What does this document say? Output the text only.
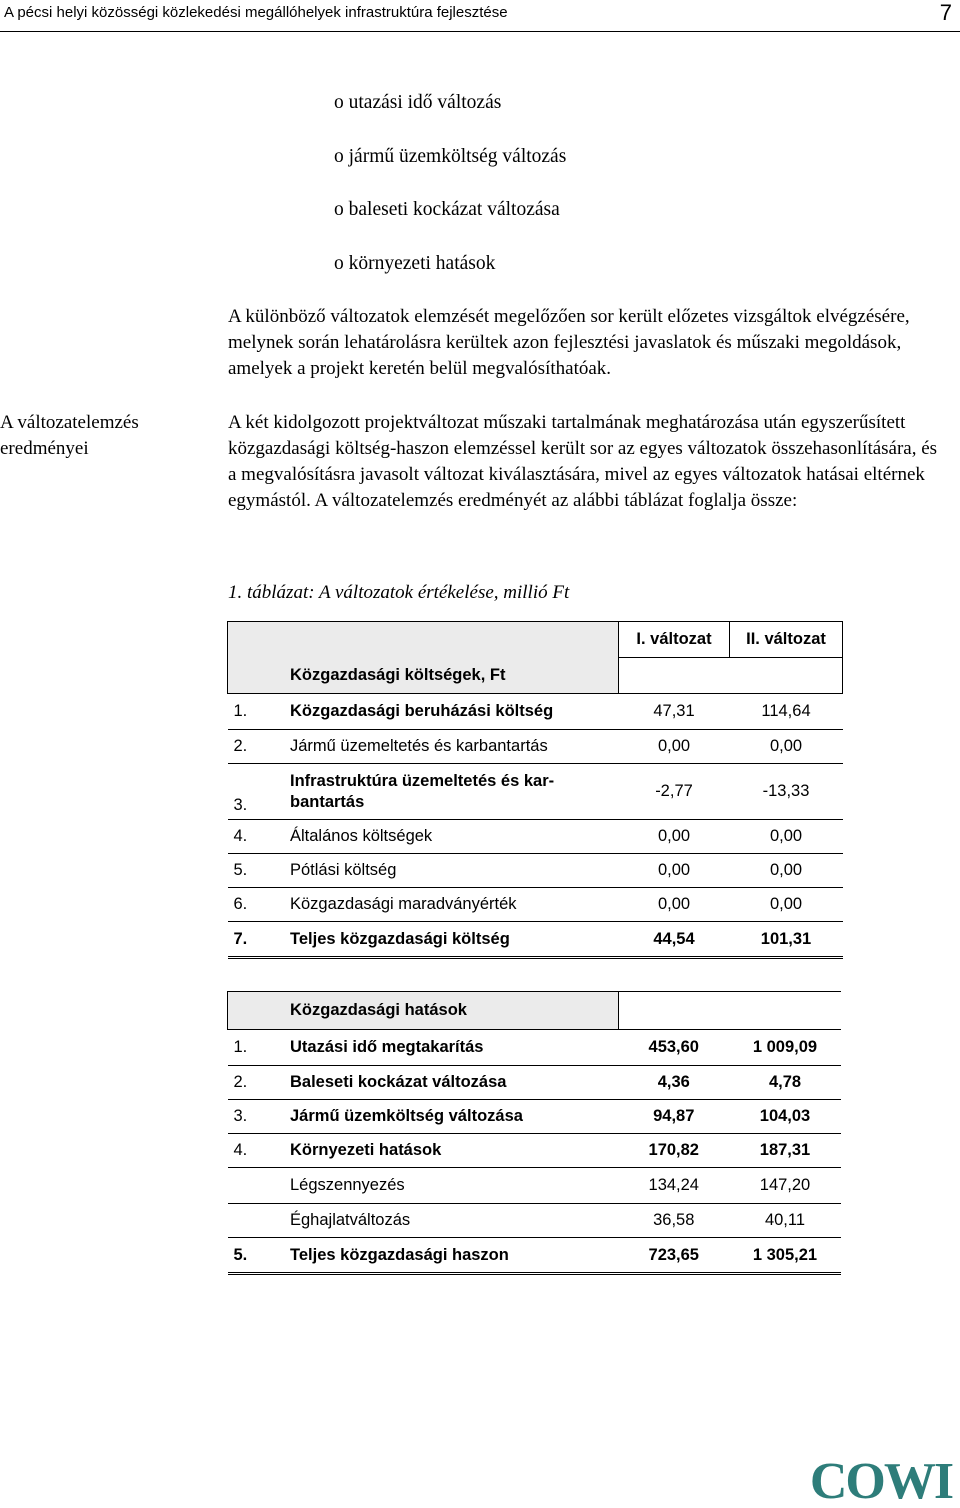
A pécsi helyi közösségi közlekedési megállóhelyek infrastruktúra fejlesztése	7
o utazási idő változás
o jármű üzemköltség változás
o baleseti kockázat változása
o környezeti hatások

A különböző változatok elemzését megelőzően sor került előzetes vizsgáltok elvégzésére, melynek során lehatárolásra kerültek azon fejlesztési javaslatok és műszaki megoldások, amelyek a projekt keretén belül megvalósíthatóak.

A változatelemzés eredményei

A két kidolgozott projektváltozat műszaki tartalmának meghatározása után egyszerűsített közgazdasági költség-haszon elemzéssel került sor az egyes változatok összehasonlítására, és a megvalósításra javasolt változat kiválasztására, mivel az egyes változatok hatásai eltérnek egymástól. A változatelemzés eredményét az alábbi táblázat foglalja össze:

1. táblázat: A változatok értékelése, millió Ft
		I. változat	II. változat
	Közgazdasági költségek, Ft		
1.	Közgazdasági beruházási költség	47,31	114,64
2.	Jármű üzemeltetés és karbantartás	0,00	0,00
3.	Infrastruktúra üzemeltetés és kar-
bantartás	-2,77	-13,33
4.	Általános költségek	0,00	0,00
5.	Pótlási költség	0,00	0,00
6.	Közgazdasági maradványérték	0,00	0,00
7.	Teljes közgazdasági költség	44,54	101,31
	Közgazdasági hatások		
1.	Utazási idő megtakarítás	453,60	1 009,09
2.	Baleseti kockázat változása	4,36	4,78
3.	Jármű üzemköltség változása	94,87	104,03
4.	Környezeti hatások	170,82	187,31
	Légszennyezés	134,24	147,20
	Éghajlatváltozás	36,58	40,11
5.	Teljes közgazdasági haszon	723,65	1 305,21
COWI
